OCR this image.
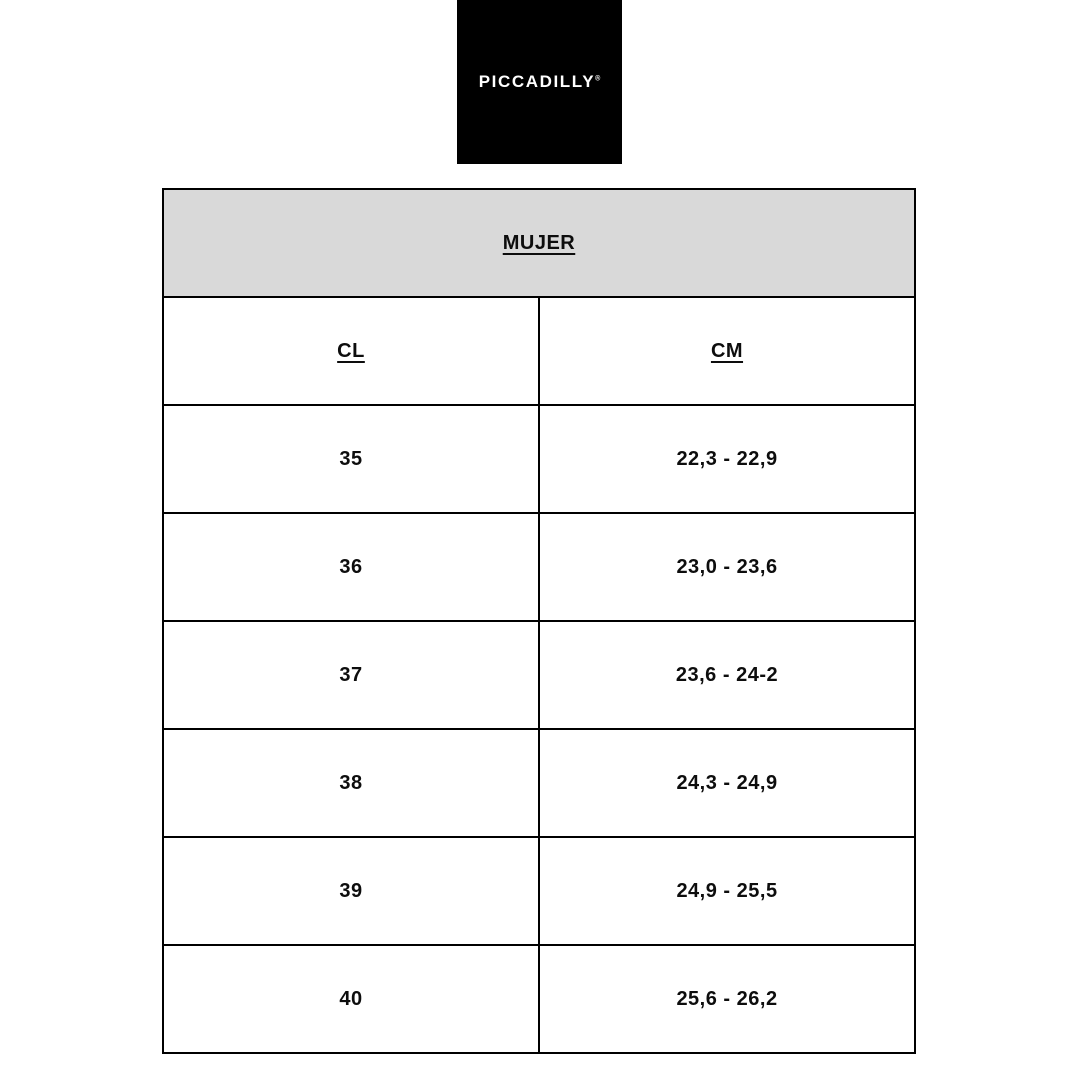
PICCADILLY®
MUJER	
CL	CM
35	22,3 - 22,9
36	23,0 - 23,6
37	23,6 - 24-2
38	24,3 - 24,9
39	24,9 - 25,5
40	25,6 - 26,2
